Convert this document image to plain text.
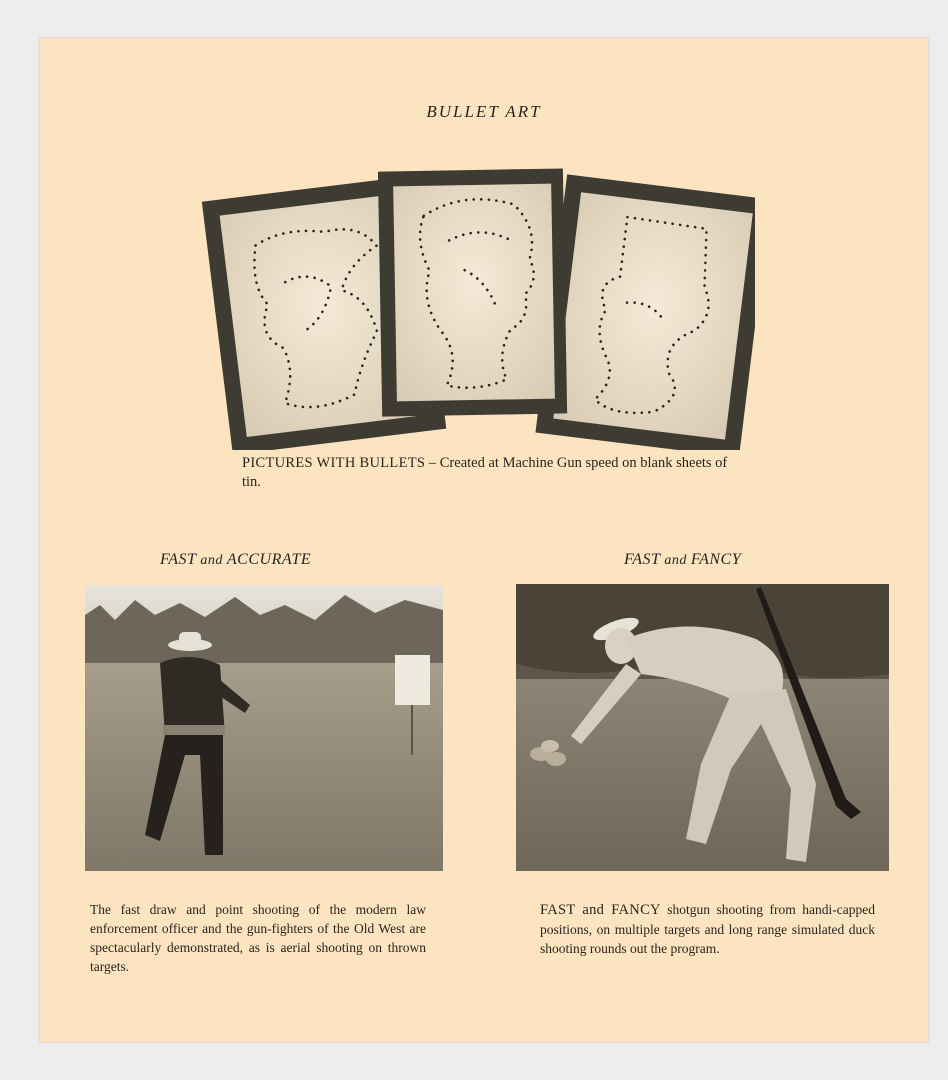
BULLET ART
PICTURES WITH BULLETS – Created at Machine Gun speed on blank sheets of tin.
FAST and ACCURATE
The fast draw and point shooting of the modern law enforcement officer and the gun-fighters of the Old West are spectacularly demonstrated, as is aerial shooting on thrown targets.
FAST and FANCY
FAST and FANCY shotgun shooting from handi-capped positions, on multiple targets and long range simulated duck shooting rounds out the program.
